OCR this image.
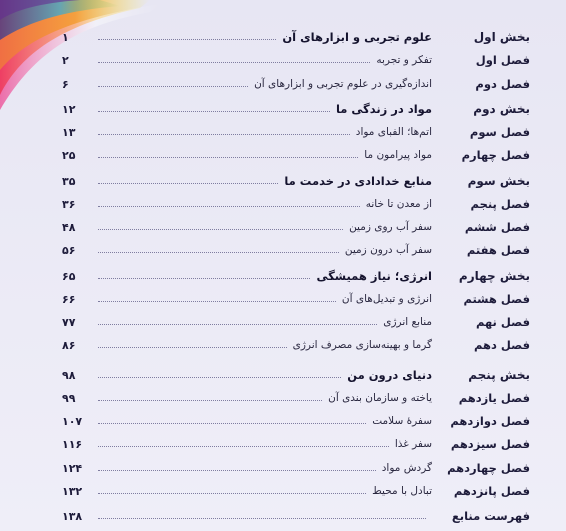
بخش اول
علوم تجربی و ابزارهای آن
۱
فصل اول
تفکر و تجربه
۲
فصل دوم
اندازه‌گیری در علوم تجربی و ابزارهای آن
۶
بخش دوم
مواد در زندگی ما
۱۲
فصل سوم
اتم‌ها؛ الفبای مواد
۱۳
فصل چهارم
مواد پیرامون ما
۲۵
بخش سوم
منابع خدادادی در خدمت ما
۳۵
فصل پنجم
از معدن تا خانه
۳۶
فصل ششم
سفر آب روی زمین
۴۸
فصل هفتم
سفر آب درون زمین
۵۶
بخش چهارم
انرژی؛ نیاز همیشگی
۶۵
فصل هشتم
انرژی و تبدیل‌های آن
۶۶
فصل نهم
منابع انرژی
۷۷
فصل دهم
گرما و بهینه‌سازی مصرف انرژی
۸۶
بخش پنجم
دنیای درون من
۹۸
فصل یازدهم
یاخته و سازمان بندی آن
۹۹
فصل دوازدهم
سفرهٔ سلامت
۱۰۷
فصل سیزدهم
سفر غذا
۱۱۶
فصل چهاردهم
گردش مواد
۱۲۴
فصل پانزدهم
تبادل با محیط
۱۳۲
فهرست منابع
۱۳۸
